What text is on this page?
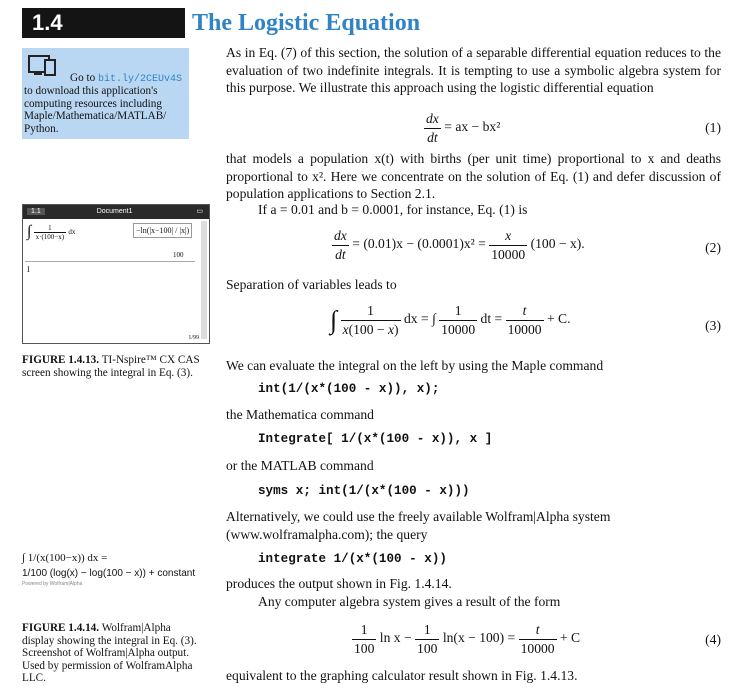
1.4	The Logistic Equation
Go to bit.ly/2CEUv4S
to download this application's computing resources including Maple/Mathematica/MATLAB/ Python.
1.1	Document1	▭
∫ $\frac{1}{x\cdot(100-x)}$ dx	−ln(|x−100| / |x|)
100
I
1/99
FIGURE 1.4.13. TI-Nspire™ CX CAS screen showing the integral in Eq. (3).
∫ 1/(x(100−x)) dx =
1/100 (log(x) − log(100 − x)) + constant
Powered by Wolfram|Alpha
FIGURE 1.4.14. Wolfram|Alpha display showing the integral in Eq. (3). Screenshot of Wolfram|Alpha output. Used by permission of WolframAlpha LLC.
As in Eq. (7) of this section, the solution of a separable differential equation reduces to the evaluation of two indefinite integrals. It is tempting to use a symbolic algebra system for this purpose. We illustrate this approach using the logistic differential equation
$\frac{dx}{dt}$ = ax − bx²	(1)
that models a population x(t) with births (per unit time) proportional to x and deaths proportional to x². Here we concentrate on the solution of Eq. (1) and defer discussion of population applications to Section 2.1.
If a = 0.01 and b = 0.0001, for instance, Eq. (1) is
$\frac{dx}{dt} = (0.01)x - (0.0001)x^2 = \frac{x}{10000} (100 - x)$.	(2)
Separation of variables leads to
∫ $\frac{1}{x(100 - x)}$ dx = ∫ $\frac{1}{10000}$ dt = $\frac{t}{10000} + C$.	(3)
We can evaluate the integral on the left by using the Maple command
int(1/(x*(100 - x)), x);
the Mathematica command
Integrate[ 1/(x*(100 - x)), x ]
or the MATLAB command
syms x; int(1/(x*(100 - x)))
Alternatively, we could use the freely available Wolfram|Alpha system (www.wolframalpha.com); the query
integrate 1/(x*(100 - x))
produces the output shown in Fig. 1.4.14.
Any computer algebra system gives a result of the form
$\frac{1}{100}$ $\ln x - \frac{1}{100} \ln(x - 100) = \frac{t}{10000} + C$	(4)
equivalent to the graphing calculator result shown in Fig. 1.4.13.
